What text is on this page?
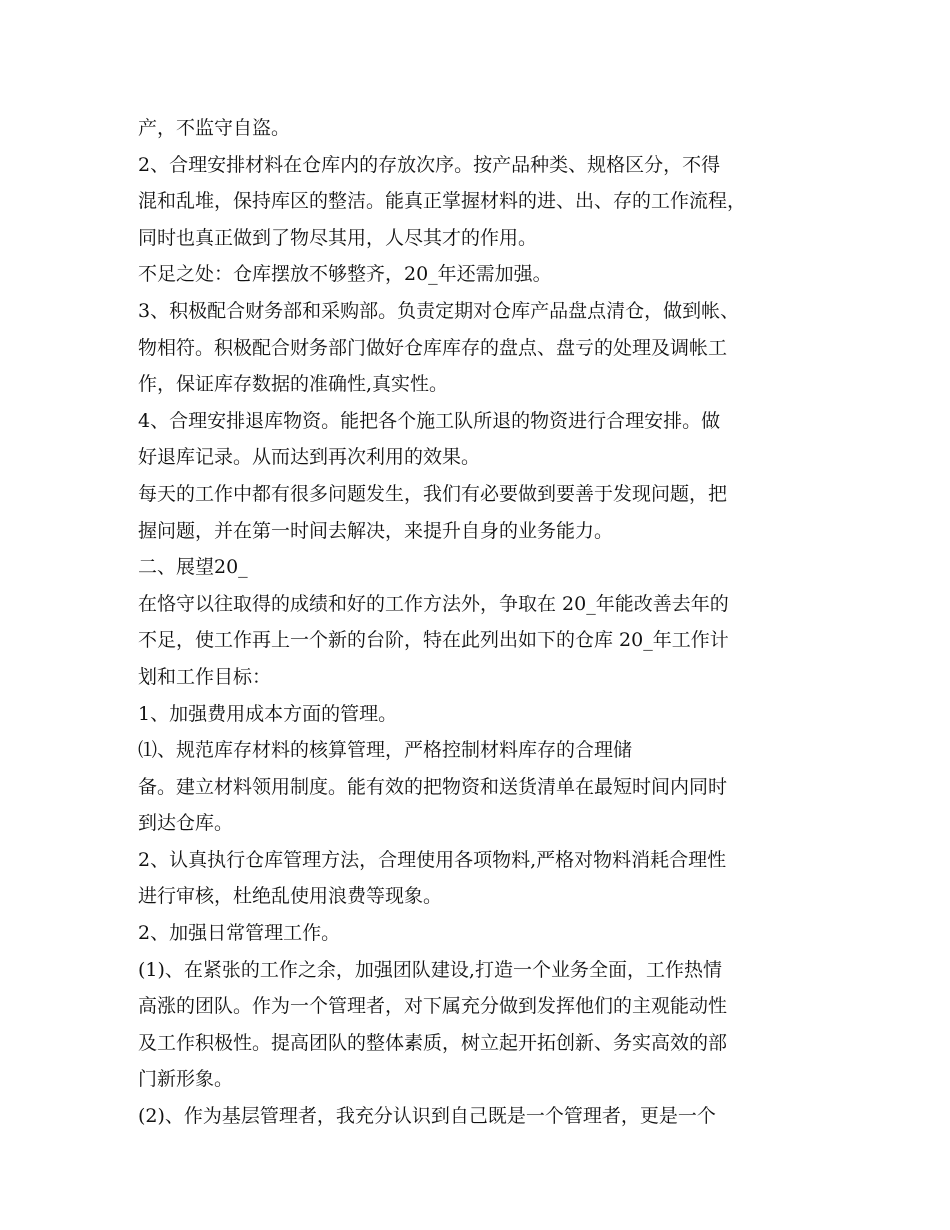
产，不监守自盗。
2、合理安排材料在仓库内的存放次序。按产品种类、规格区分，不得
混和乱堆，保持库区的整洁。能真正掌握材料的进、出、存的工作流程，
同时也真正做到了物尽其用，人尽其才的作用。
不足之处：仓库摆放不够整齐，20_年还需加强。
3、积极配合财务部和采购部。负责定期对仓库产品盘点清仓，做到帐、
物相符。积极配合财务部门做好仓库库存的盘点、盘亏的处理及调帐工
作，保证库存数据的准确性,真实性。
4、合理安排退库物资。能把各个施工队所退的物资进行合理安排。做
好退库记录。从而达到再次利用的效果。
每天的工作中都有很多问题发生，我们有必要做到要善于发现问题，把
握问题，并在第一时间去解决，来提升自身的业务能力。
二、展望20_
在恪守以往取得的成绩和好的工作方法外，争取在 20_年能改善去年的
不足，使工作再上一个新的台阶，特在此列出如下的仓库 20_年工作计
划和工作目标：
1、加强费用成本方面的管理。
⑴、规范库存材料的核算管理，严格控制材料库存的合理储
备。建立材料领用制度。能有效的把物资和送货清单在最短时间内同时
到达仓库。
2、认真执行仓库管理方法，合理使用各项物料,严格对物料消耗合理性
进行审核，杜绝乱使用浪费等现象。
2、加强日常管理工作。
(1)、在紧张的工作之余，加强团队建设,打造一个业务全面，工作热情
高涨的团队。作为一个管理者，对下属充分做到发挥他们的主观能动性
及工作积极性。提高团队的整体素质，树立起开拓创新、务实高效的部
门新形象。
(2)、作为基层管理者，我充分认识到自己既是一个管理者，更是一个
